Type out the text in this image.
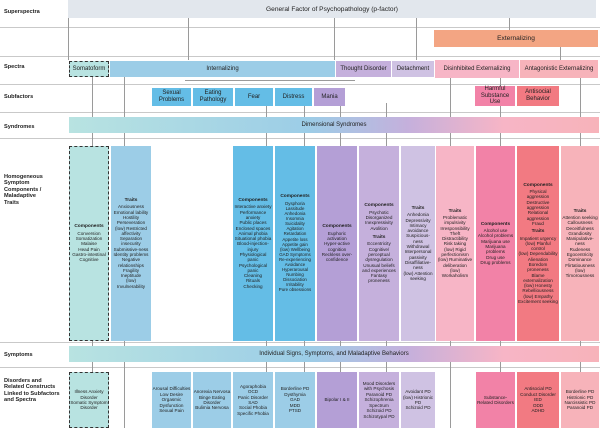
Superspectra
Spectra
Subfactors
Syndromes
Homogeneous Symptom Components / Maladaptive Traits
Symptoms
Disorders and Related Constructs Linked to Subfactors and Spectra
General Factor of Psychopathology (p-factor)
Externalizing
Somatoform	Internalizing	Thought Disorder Detachment Disinhibited Externalizing Antagonistic Externalizing
Sexual Problems
Eating Pathology	Fear	Distress	Mania
Harmful Substance Use
Antisocial Behavior
Dimensional Syndromes
Components
Conversion
Somatization
Malaise
Head Pain
Gastro-intestinal
Cognitive
Traits
Anxiousness
Emotional lability
Hostility
Perseveration
(low) Restricted affectivity
Separation insecurity
Submissive-ness
Identity problems
Negative relationships
Fragility
Ineptitude
(low) Invulnerability
Components
Interactive anxiety
Performance anxiety
Public places
Enclosed spaces
Animal phobia
Situational phobia
Blood-injection-injury
Physiological panic
Psychological panic
Cleaning
Rituals
Checking
Components
Dysphoria
Lassitude
Anhedonia
Insomnia
Suicidality
Agitation
Retardation
Appetite loss
Appetite gain
(low) Wellbeing
GAD Symptoms
Re-experiencing
Avoidance
Hyperarousal
Numbing
Dissociation
Irritability
Pure obsessions
Components
Euphoric activation
Hyper-active cognition
Reckless over-confidence
Components
Psychotic
Disorganized
Inexpressivity
Avolition
Traits
Eccentricity
Cognitive/ perceptual dysregulation
Unusual beliefs and experiences
Fantasy proneness
Traits
Anhedonia
Depressivity
Intimacy avoidance
Suspicious-ness
Withdrawal
Interpersonal passivity
Disaffiliative-ness
(low) Attention seeking
Traits
Problematic impulsivity
Irresponsibility
Theft
Distractibility
Risk taking
(low) Rigid perfectionism
(low) Ruminative deliberation
(low) Workaholism
Components
Alcohol use
Alcohol problems
Marijuana use
Marijuana problems
Drug use
Drug problems
Components
Physical aggression
Destructive aggression
Relational aggression
Fraud
Traits
Impatient urgency
(low) Planful control
(low) Dependability
Alienation
Boredom proneness
Blame externalization
(low) Honesty
Rebelliousness
(low) Empathy
Excitement seeking
Traits
Attention seeking
Callousness
Deceitfulness
Grandiosity
Manipulative-ness
Rudeness
Egocentricity
Dominance
Flirtatiousness
(low) Timorousness
Individual Signs, Symptoms, and Maladaptive Behaviors
Illness Anxiety Disorder
Somatic Symptom Disorder
Arousal Difficulties
Low Desire
Orgasmic Dysfunction
Sexual Pain
Anorexia Nervosa
Binge Eating Disorder
Bulimia Nervosa
Agoraphobia
OCD
Panic Disorder
SAD
Social Phobia
Specific Phobia
Borderline PD
Dysthymia
GAD
MDD
PTSD
Bipolar I & II
Mood Disorders with Psychosis
Paranoid PD
Schizophrenia Spectrum
Schizoid PD
Schizotypal PD
Avoidant PD
(low) Histrionic PD
Schizoid PD
Substance-Related Disorders
Antisocial PD
Conduct Disorder
IED
ODD
ADHD
Borderline PD
Histrionic PD
Narcissistic PD
Paranoid PD
